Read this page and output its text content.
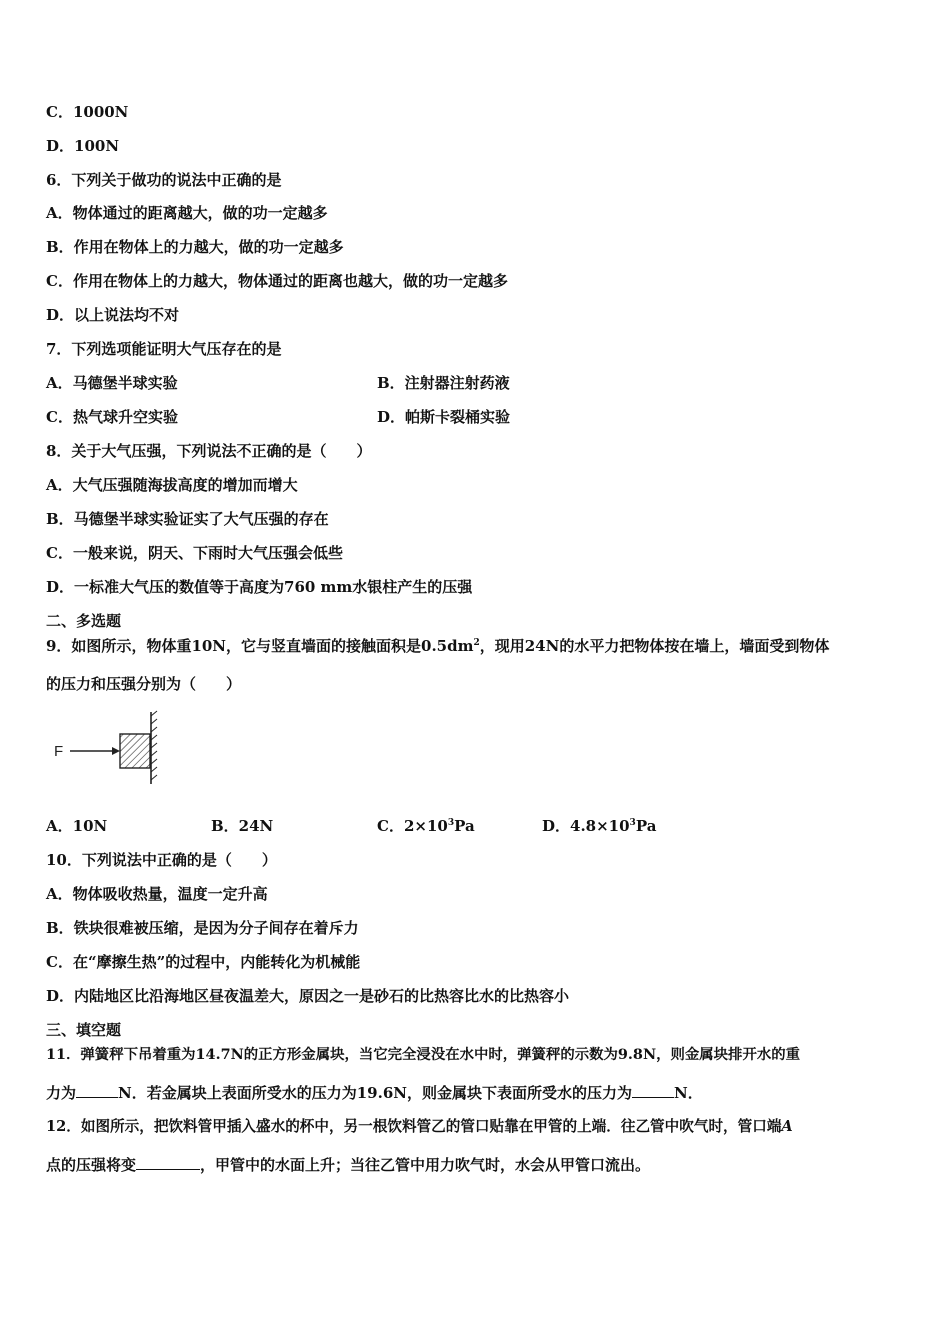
C．1000N
D．100N
6．下列关于做功的说法中正确的是
A．物体通过的距离越大，做的功一定越多
B．作用在物体上的力越大，做的功一定越多
C．作用在物体上的力越大，物体通过的距离也越大，做的功一定越多
D．以上说法均不对
7．下列选项能证明大气压存在的是
A．马德堡半球实验	B．注射器注射药液
C．热气球升空实验	D．帕斯卡裂桶实验
8．关于大气压强，下列说法不正确的是（　　）
A．大气压强随海拔高度的增加而增大
B．马德堡半球实验证实了大气压强的存在
C．一般来说，阴天、下雨时大气压强会低些
D．一标准大气压的数值等于高度为760 mm水银柱产生的压强
二、多选题
9．如图所示，物体重10N，它与竖直墙面的接触面积是$0.5dm^2$，现用24N的水平力把物体按在墙上，墙面受到物体
的压力和压强分别为（　　）
F
A．10N	B．24N	C．$2\times 10^3Pa$	D．$4.8\times 10^3Pa$
10．下列说法中正确的是（　　）
A．物体吸收热量，温度一定升高
B．铁块很难被压缩，是因为分子间存在着斥力
C．在“摩擦生热”的过程中，内能转化为机械能
D．内陆地区比沿海地区昼夜温差大，原因之一是砂石的比热容比水的比热容小
三、填空题
11．弹簧秤下吊着重为14.7N的正方形金属块，当它完全浸没在水中时，弹簧秤的示数为9.8N，则金属块排开水的重
力为	N．若金属块上表面所受水的压力为19.6N，则金属块下表面所受水的压力为	N．
12．如图所示，把饮料管甲插入盛水的杯中，另一根饮料管乙的管口贴靠在甲管的上端．往乙管中吹气时，管口端A
点的压强将变	，甲管中的水面上升；当往乙管中用力吹气时，水会从甲管口流出。
